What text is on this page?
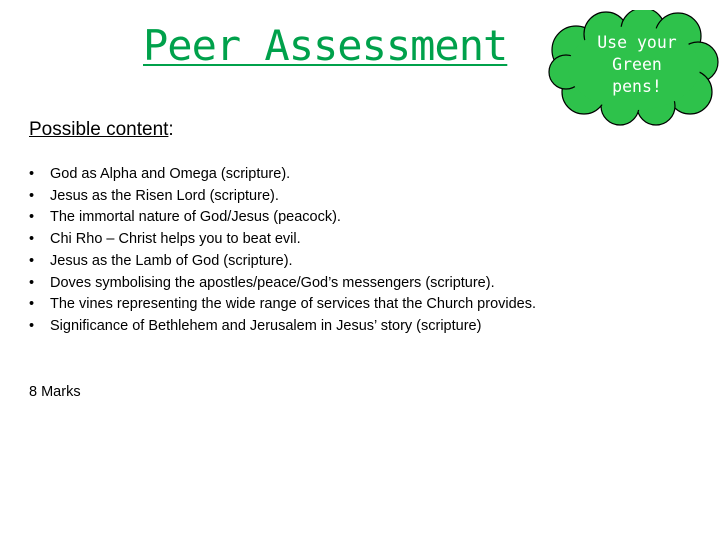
Peer Assessment	Use your
Green
pens!
Possible content:
• God as Alpha and Omega (scripture).
• Jesus as the Risen Lord (scripture).
• The immortal nature of God/Jesus (peacock).
• Chi Rho – Christ helps you to beat evil.
• Jesus as the Lamb of God (scripture).
• Doves symbolising the apostles/peace/God’s messengers (scripture).
• The vines representing the wide range of services that the Church provides.
• Significance of Bethlehem and Jerusalem in Jesus’ story (scripture)
8 Marks
